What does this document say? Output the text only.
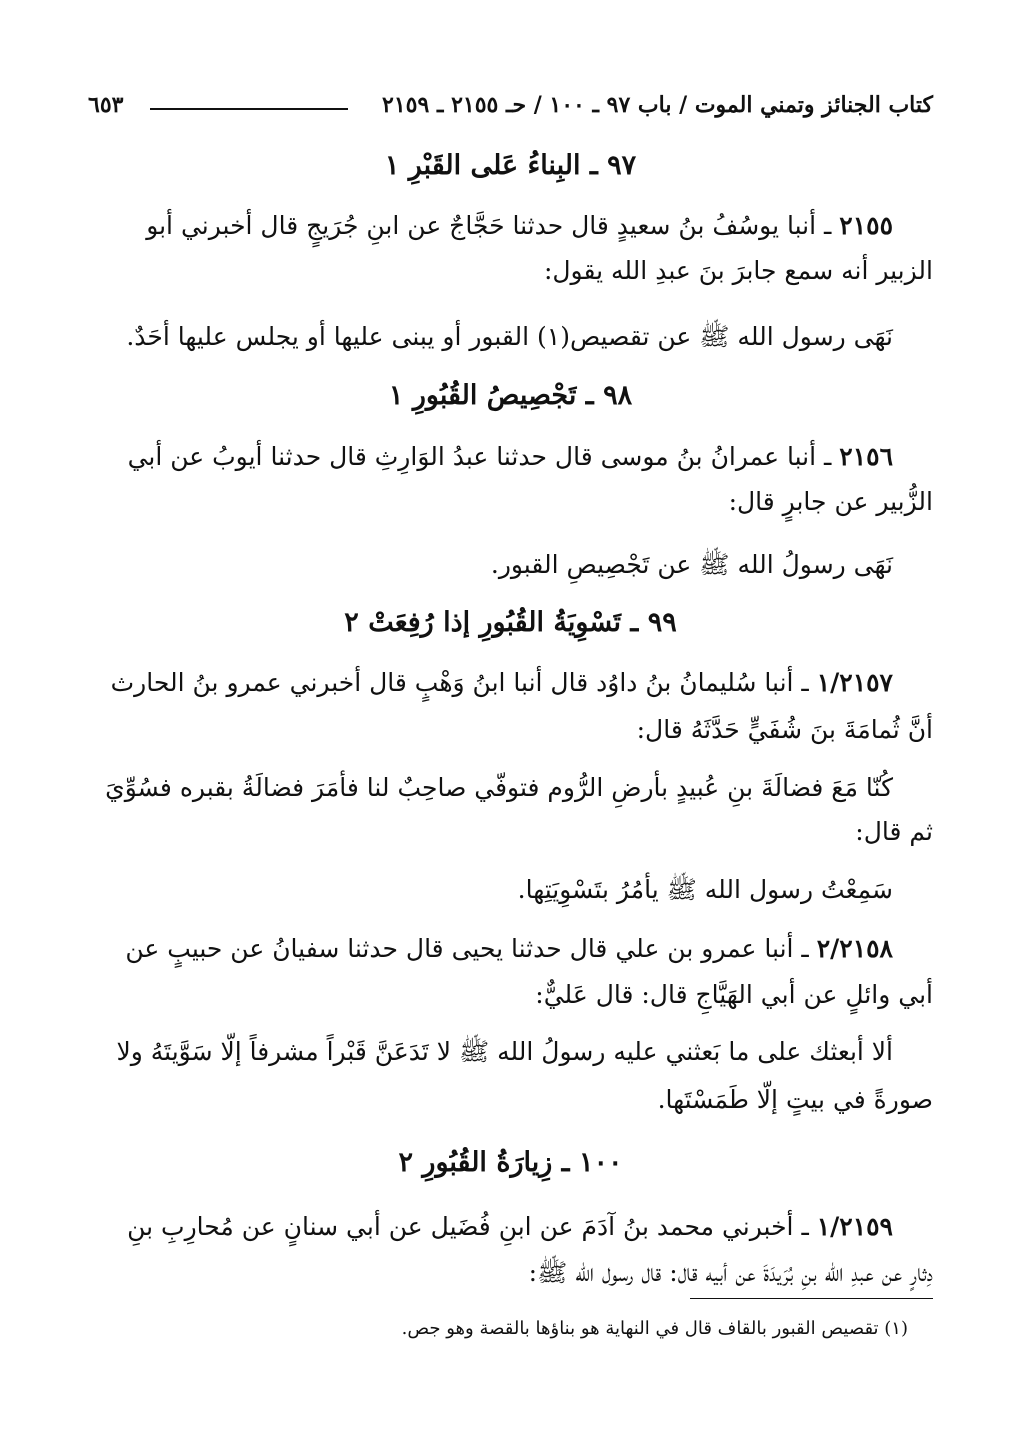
كتاب الجنائز وتمني الموت / باب ٩٧ ـ ١٠٠ / حـ ٢١٥٥ ـ ٢١٥٩
٦٥٣
٩٧ ـ البِناءُ عَلى القَبْرِ ١
٢١٥٥ ـ أنبا يوسُفُ بنُ سعيدٍ قال حدثنا حَجَّاجٌ عن ابنِ جُرَيجٍ قال أخبرني أبو
الزبير أنه سمع جابرَ بنَ عبدِ الله يقول:
نَهَى رسول الله ﷺ عن تقصيص(١) القبور أو يبنى عليها أو يجلس عليها أحَدٌ.
٩٨ ـ تَجْصِيصُ القُبُورِ ١
٢١٥٦ ـ أنبا عمرانُ بنُ موسى قال حدثنا عبدُ الوَارِثِ قال حدثنا أيوبُ عن أبي
الزُّبير عن جابرٍ قال:
نَهَى رسولُ الله ﷺ عن تَجْصِيصِ القبور.
٩٩ ـ تَسْوِيَةُ القُبُورِ إذا رُفِعَتْ ٢
١/٢١٥٧ ـ أنبا سُليمانُ بنُ داوُد قال أنبا ابنُ وَهْبٍ قال أخبرني عمرو بنُ الحارث
أنَّ ثُمامَةَ بنَ شُفَيٍّ حَدَّثَهُ قال:
كُنّا مَعَ فضالَةَ بنِ عُبيدٍ بأرضِ الرُّوم فتوفّي صاحِبٌ لنا فأمَرَ فضالَةُ بقبره فسُوِّيَ
ثم قال:
سَمِعْتُ رسول الله ﷺ يأمُرُ بتَسْوِيَتِها.
٢/٢١٥٨ ـ أنبا عمرو بن علي قال حدثنا يحيى قال حدثنا سفيانُ عن حبيبٍ عن
أبي وائلٍ عن أبي الهَيَّاجِ قال: قال عَليٌّ:
ألا أبعثك على ما بَعثني عليه رسولُ الله ﷺ لا تَدَعَنَّ قَبْراً مشرفاً إلّا سَوَّيتَهُ ولا
صورةً في بيتٍ إلّا طَمَسْتَها.
١٠٠ ـ زِيارَةُ القُبُورِ ٢
١/٢١٥٩ ـ أخبرني محمد بنُ آدَمَ عن ابنِ فُضَيل عن أبي سنانٍ عن مُحارِبِ بنِ
دِثارٍ عن عبدِ الله بنِ بُرَيدَةَ عن أبيه قال: قال رسول الله ﷺ:
(١) تقصيص القبور بالقاف قال في النهاية هو بناؤها بالقصة وهو جص.
